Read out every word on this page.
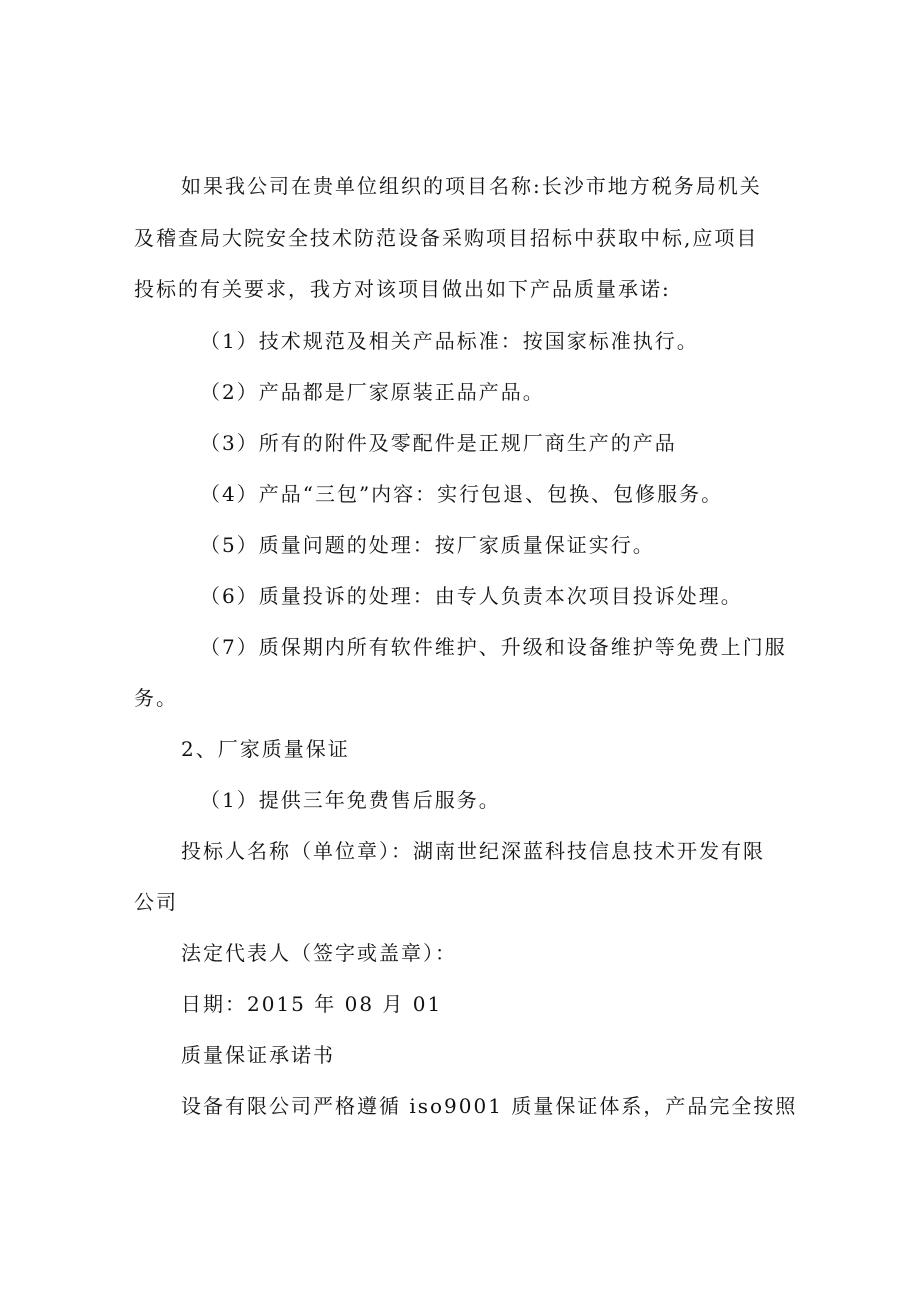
如果我公司在贵单位组织的项目名称:长沙市地方税务局机关
及稽查局大院安全技术防范设备采购项目招标中获取中标,应项目
投标的有关要求，我方对该项目做出如下产品质量承诺:
（1）技术规范及相关产品标准：按国家标准执行。
（2）产品都是厂家原装正品产品。
（3）所有的附件及零配件是正规厂商生产的产品
（4）产品“三包”内容：实行包退、包换、包修服务。
（5）质量问题的处理：按厂家质量保证实行。
（6）质量投诉的处理：由专人负责本次项目投诉处理。
（7）质保期内所有软件维护、升级和设备维护等免费上门服
务。
2、厂家质量保证
（1）提供三年免费售后服务。
投标人名称（单位章）：湖南世纪深蓝科技信息技术开发有限
公司
法定代表人（签字或盖章）：
日期：2015 年 08 月 01
质量保证承诺书
设备有限公司严格遵循 iso9001 质量保证体系，产品完全按照
